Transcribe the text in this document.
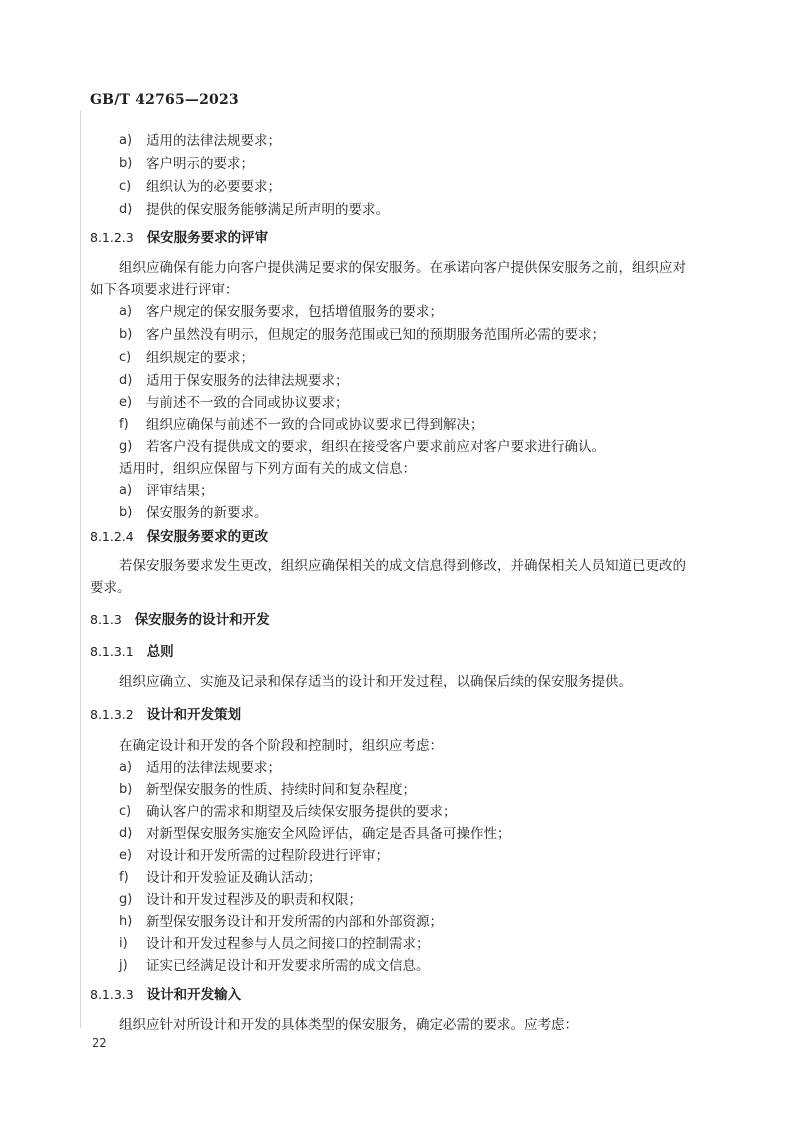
GB/T 42765—2023
a) 适用的法律法规要求；
b) 客户明示的要求；
c) 组织认为的必要要求；
d) 提供的保安服务能够满足所声明的要求。
8.1.2.3 保安服务要求的评审
组织应确保有能力向客户提供满足要求的保安服务。在承诺向客户提供保安服务之前，组织应对
如下各项要求进行评审：
a) 客户规定的保安服务要求，包括增值服务的要求；
b) 客户虽然没有明示，但规定的服务范围或已知的预期服务范围所必需的要求；
c) 组织规定的要求；
d) 适用于保安服务的法律法规要求；
e) 与前述不一致的合同或协议要求；
f) 组织应确保与前述不一致的合同或协议要求已得到解决；
g) 若客户没有提供成文的要求，组织在接受客户要求前应对客户要求进行确认。
适用时，组织应保留与下列方面有关的成文信息：
a) 评审结果；
b) 保安服务的新要求。
8.1.2.4 保安服务要求的更改
若保安服务要求发生更改，组织应确保相关的成文信息得到修改，并确保相关人员知道已更改的
要求。
8.1.3 保安服务的设计和开发
8.1.3.1 总则
组织应确立、实施及记录和保存适当的设计和开发过程，以确保后续的保安服务提供。
8.1.3.2 设计和开发策划
在确定设计和开发的各个阶段和控制时，组织应考虑：
a) 适用的法律法规要求；
b) 新型保安服务的性质、持续时间和复杂程度；
c) 确认客户的需求和期望及后续保安服务提供的要求；
d) 对新型保安服务实施安全风险评估，确定是否具备可操作性；
e) 对设计和开发所需的过程阶段进行评审；
f) 设计和开发验证及确认活动；
g) 设计和开发过程涉及的职责和权限；
h) 新型保安服务设计和开发所需的内部和外部资源；
i) 设计和开发过程参与人员之间接口的控制需求；
j) 证实已经满足设计和开发要求所需的成文信息。
8.1.3.3 设计和开发输入
组织应针对所设计和开发的具体类型的保安服务，确定必需的要求。应考虑：
22
